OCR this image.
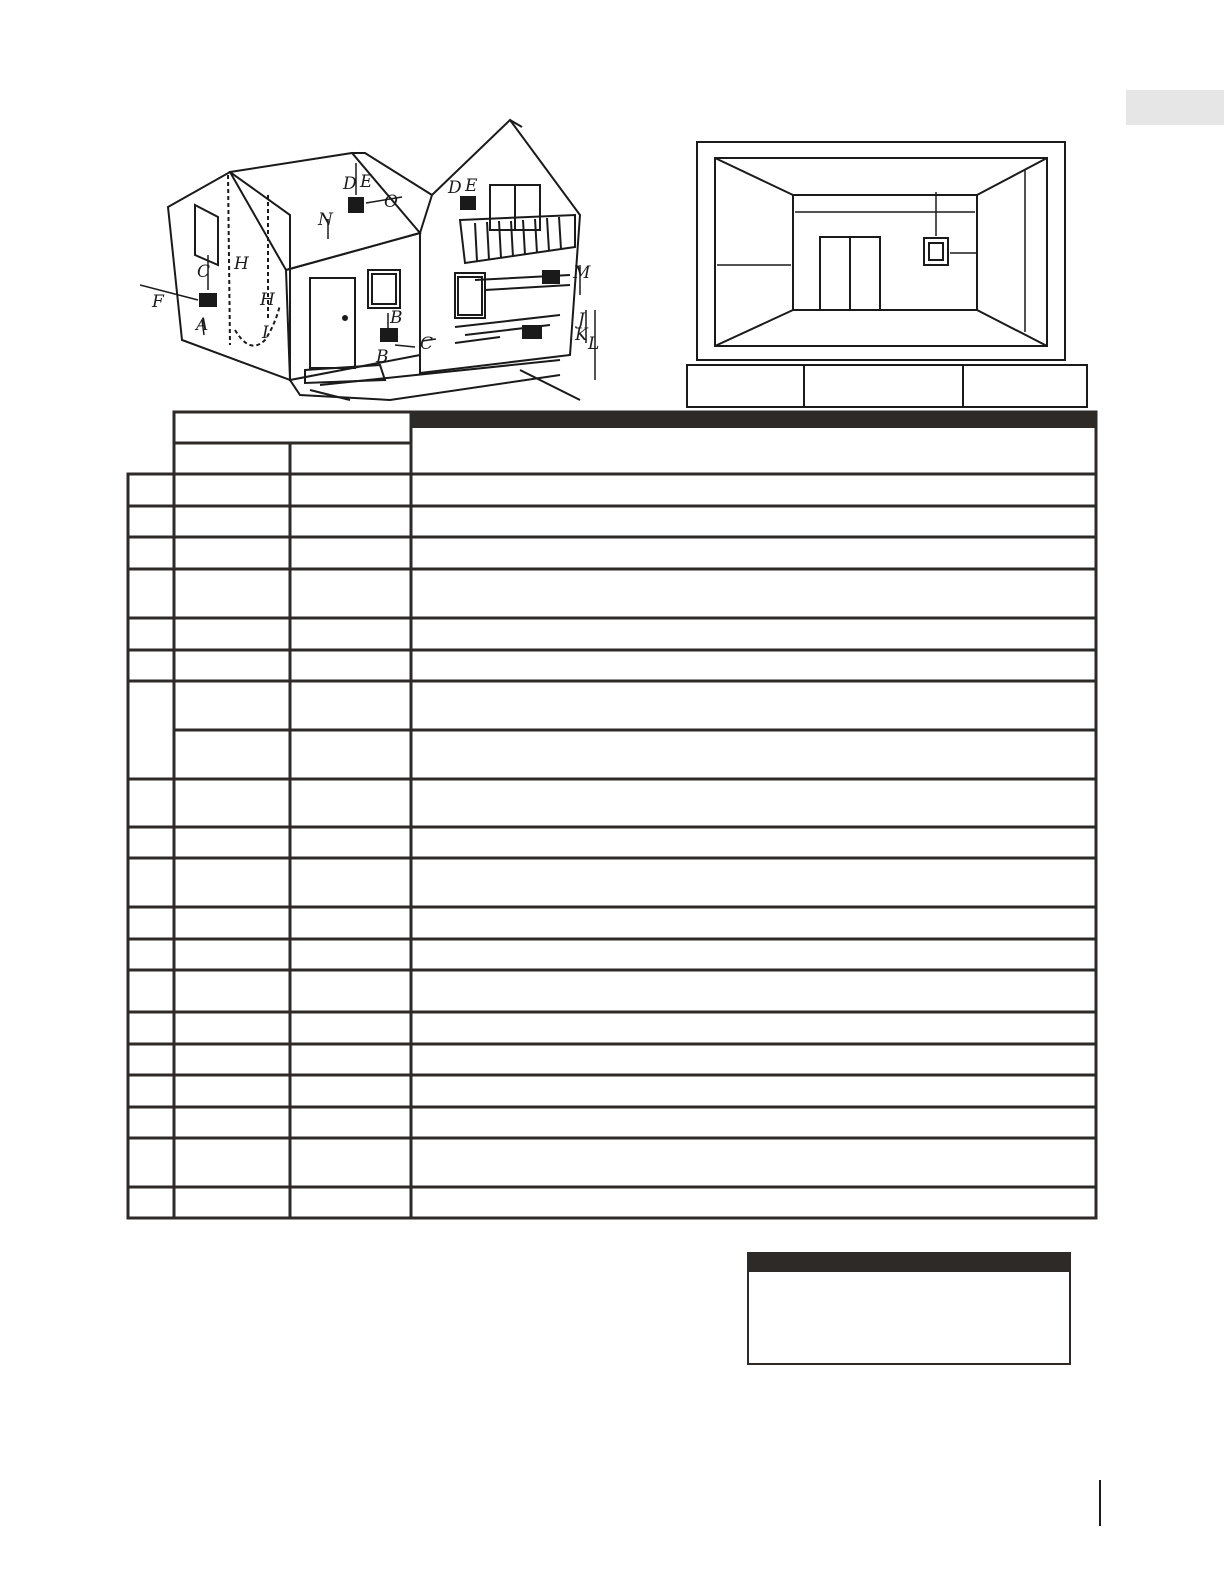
A	B
B
C
C
D E	D E
F
H
H
I
J
K L
M
N
O
